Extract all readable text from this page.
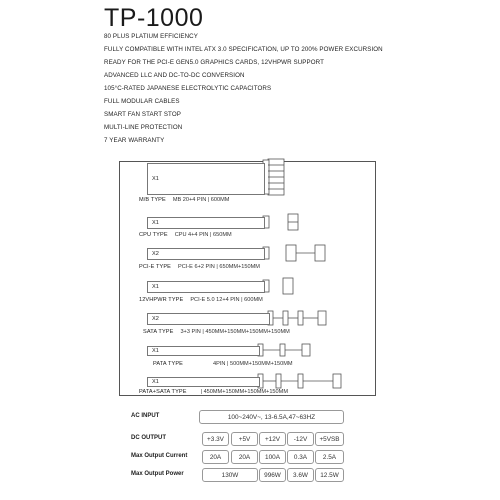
TP-1000
80 PLUS PLATIUM EFFICIENCY
FULLY COMPATIBLE WITH INTEL ATX 3.0 SPECIFICATION, UP TO 200% POWER EXCURSION
READY FOR THE PCI-E GEN5.0 GRAPHICS CARDS, 12VHPWR SUPPORT
ADVANCED LLC AND DC-TO-DC CONVERSION
105°C-RATED JAPANESE ELECTROLYTIC CAPACITORS
FULL MODULAR CABLES
SMART FAN START STOP
MULTI-LINE PROTECTION
7 YEAR WARRANTY
X1
M/B TYPE MB 20+4 PIN | 600MM
X1
CPU TYPE CPU 4+4 PIN | 650MM
X2
PCI-E TYPE PCI-E 6+2 PIN | 650MM+150MM
X1
12VHPWR TYPE PCI-E 5.0 12+4 PIN | 600MM
X2
SATA TYPE 3+3 PIN | 450MM+150MM+150MM+150MM
X1
PATA TYPE	4PIN | 500MM+150MM+150MM
X1
PATA+SATA TYPE	| 450MM+150MM+150MM+150MM
AC INPUT	100~240V~, 13-6.5A,47~63HZ
DC OUTPUT	+3.3V	+5V	+12V	-12V	+5VSB
Max Output Current	20A	20A	100A	0.3A	2.5A
Max Output Power	130W	996W	3.6W	12.5W
